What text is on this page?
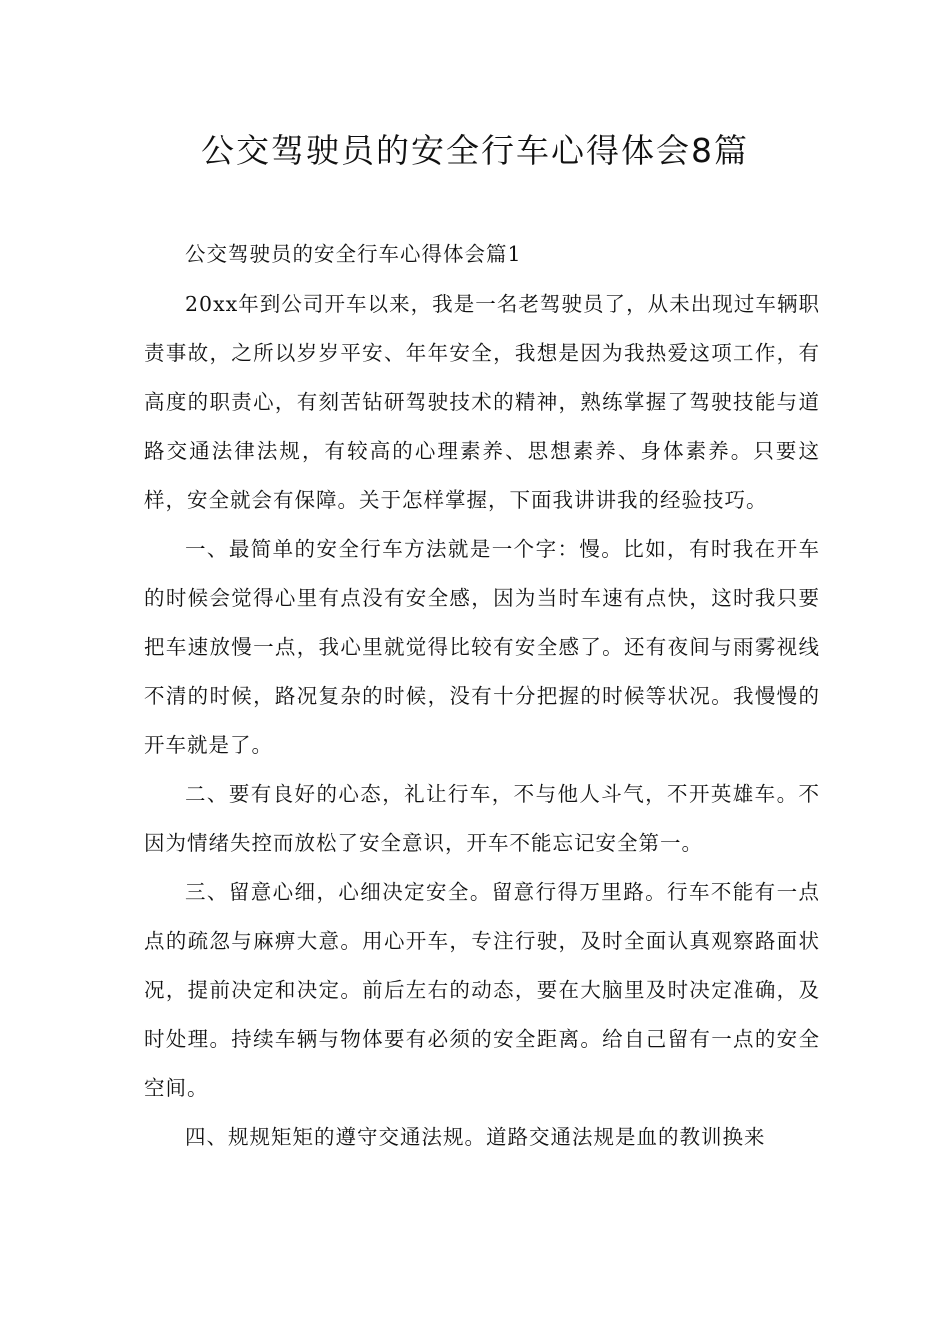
公交驾驶员的安全行车心得体会8篇

公交驾驶员的安全行车心得体会篇1

20xx年到公司开车以来，我是一名老驾驶员了，从未出现过车辆职责事故，之所以岁岁平安、年年安全，我想是因为我热爱这项工作，有高度的职责心，有刻苦钻研驾驶技术的精神，熟练掌握了驾驶技能与道路交通法律法规，有较高的心理素养、思想素养、身体素养。只要这样，安全就会有保障。关于怎样掌握，下面我讲讲我的经验技巧。

一、最简单的安全行车方法就是一个字：慢。比如，有时我在开车的时候会觉得心里有点没有安全感，因为当时车速有点快，这时我只要把车速放慢一点，我心里就觉得比较有安全感了。还有夜间与雨雾视线不清的时候，路况复杂的时候，没有十分把握的时候等状况。我慢慢的开车就是了。

二、要有良好的心态，礼让行车，不与他人斗气，不开英雄车。不因为情绪失控而放松了安全意识，开车不能忘记安全第一。

三、留意心细，心细决定安全。留意行得万里路。行车不能有一点点的疏忽与麻痹大意。用心开车，专注行驶，及时全面认真观察路面状况，提前决定和决定。前后左右的动态，要在大脑里及时决定准确，及时处理。持续车辆与物体要有必须的安全距离。给自己留有一点的安全空间。

四、规规矩矩的遵守交通法规。道路交通法规是血的教训换来
